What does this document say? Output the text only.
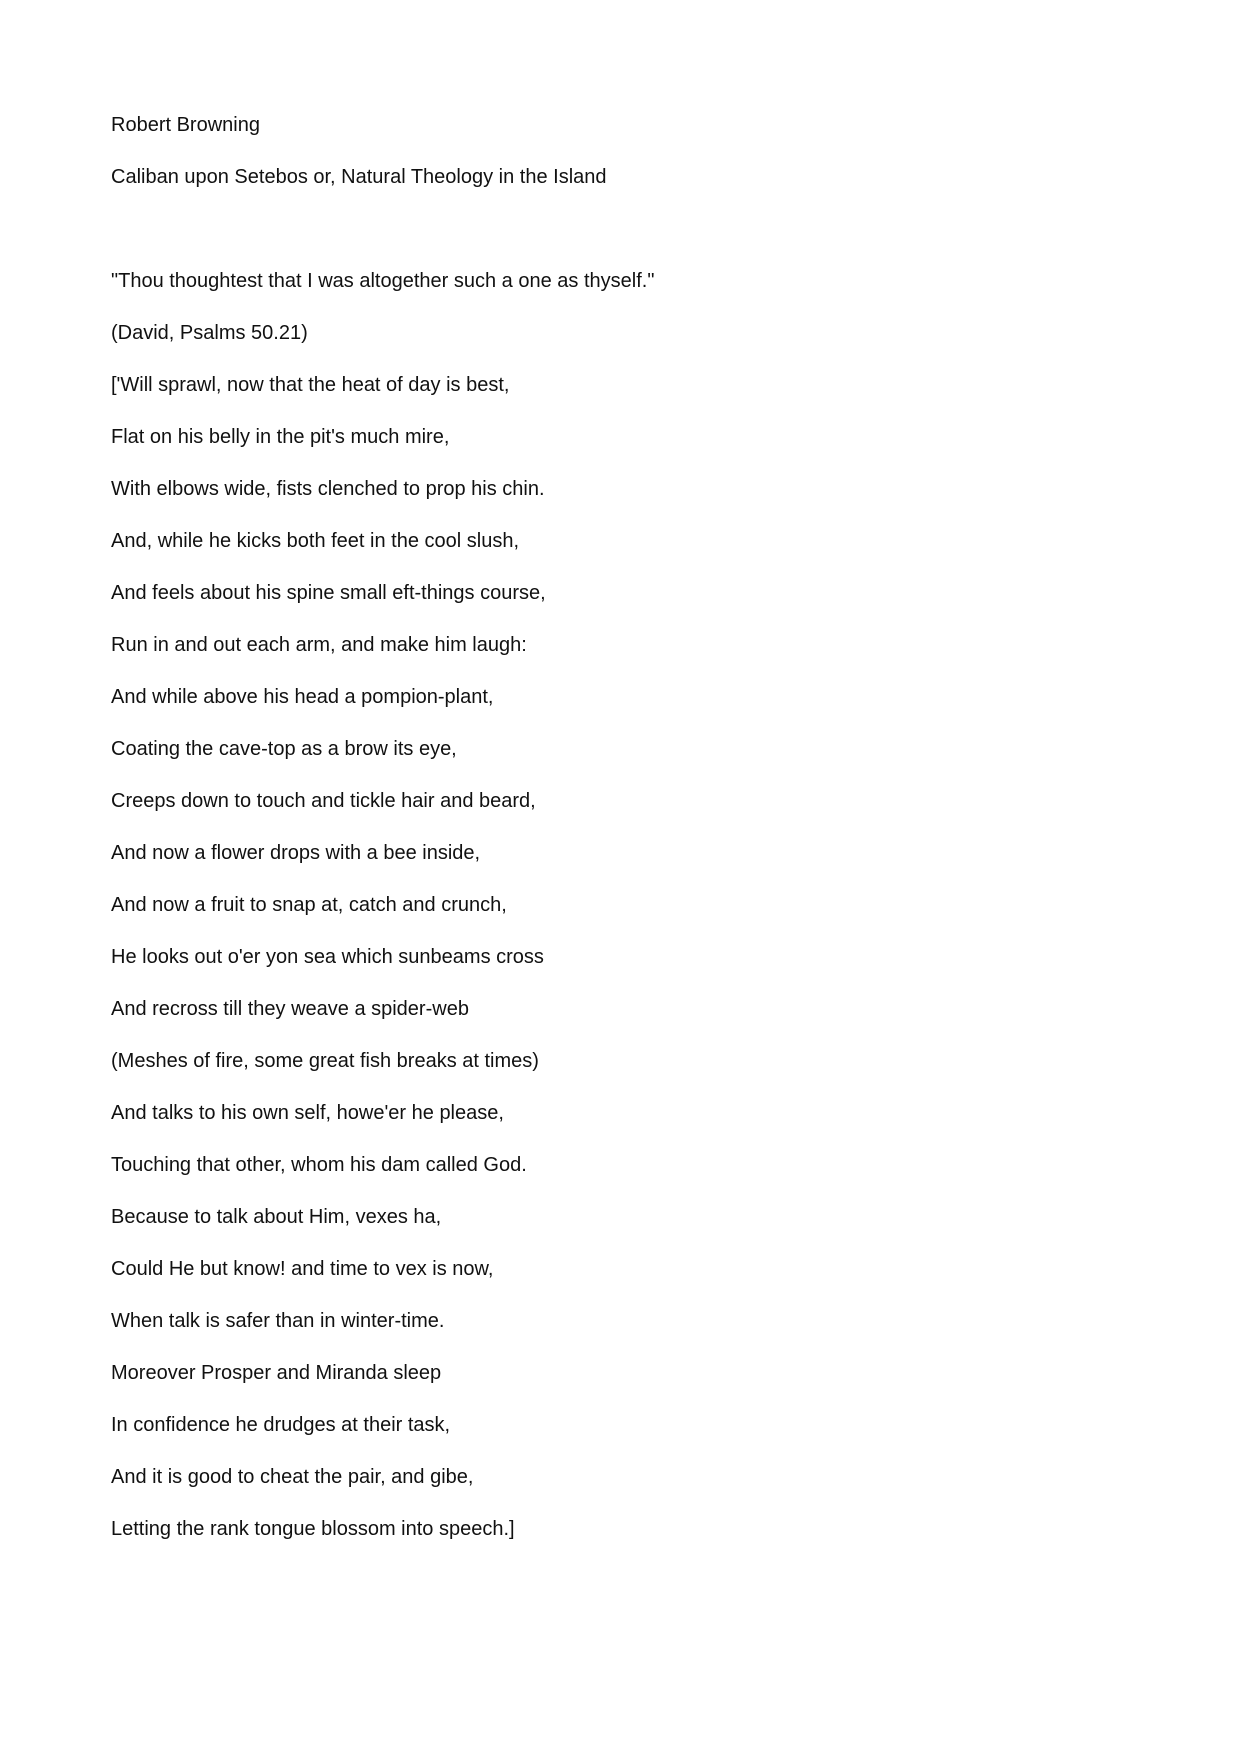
Robert Browning
Caliban upon Setebos or, Natural Theology in the Island
"Thou thoughtest that I was altogether such a one as thyself."
(David, Psalms 50.21)
['Will sprawl, now that the heat of day is best,
Flat on his belly in the pit's much mire,
With elbows wide, fists clenched to prop his chin.
And, while he kicks both feet in the cool slush,
And feels about his spine small eft-things course,
Run in and out each arm, and make him laugh:
And while above his head a pompion-plant,
Coating the cave-top as a brow its eye,
Creeps down to touch and tickle hair and beard,
And now a flower drops with a bee inside,
And now a fruit to snap at, catch and crunch,
He looks out o'er yon sea which sunbeams cross
And recross till they weave a spider-web
(Meshes of fire, some great fish breaks at times)
And talks to his own self, howe'er he please,
Touching that other, whom his dam called God.
Because to talk about Him, vexes ha,
Could He but know! and time to vex is now,
When talk is safer than in winter-time.
Moreover Prosper and Miranda sleep
In confidence he drudges at their task,
And it is good to cheat the pair, and gibe,
Letting the rank tongue blossom into speech.]
